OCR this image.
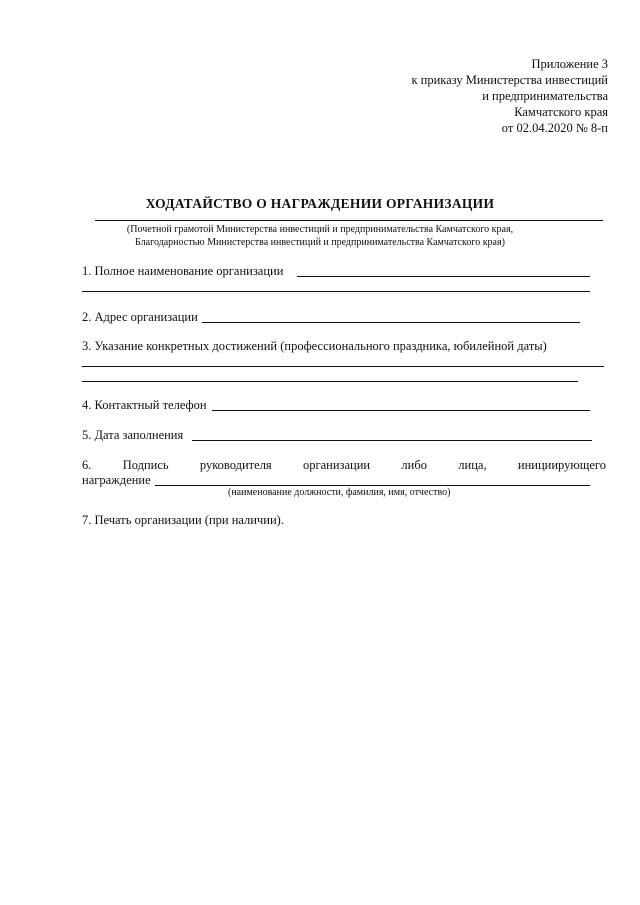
Приложение 3
к приказу Министерства инвестиций
и предпринимательства
Камчатского края
от 02.04.2020 № 8-п
ХОДАТАЙСТВО О НАГРАЖДЕНИИ ОРГАНИЗАЦИИ
(Почетной грамотой Министерства инвестиций и предпринимательства Камчатского края,
Благодарностью Министерства инвестиций и предпринимательства Камчатского края)
1. Полное наименование организации
2. Адрес организации
3. Указание конкретных достижений (профессионального праздника, юбилейной даты)
4. Контактный телефон
5. Дата заполнения
6.	Подпись	руководителя	организации	либо	лица,	инициирующего
награждение
(наименование должности, фамилия, имя, отчество)
7. Печать организации (при наличии).
